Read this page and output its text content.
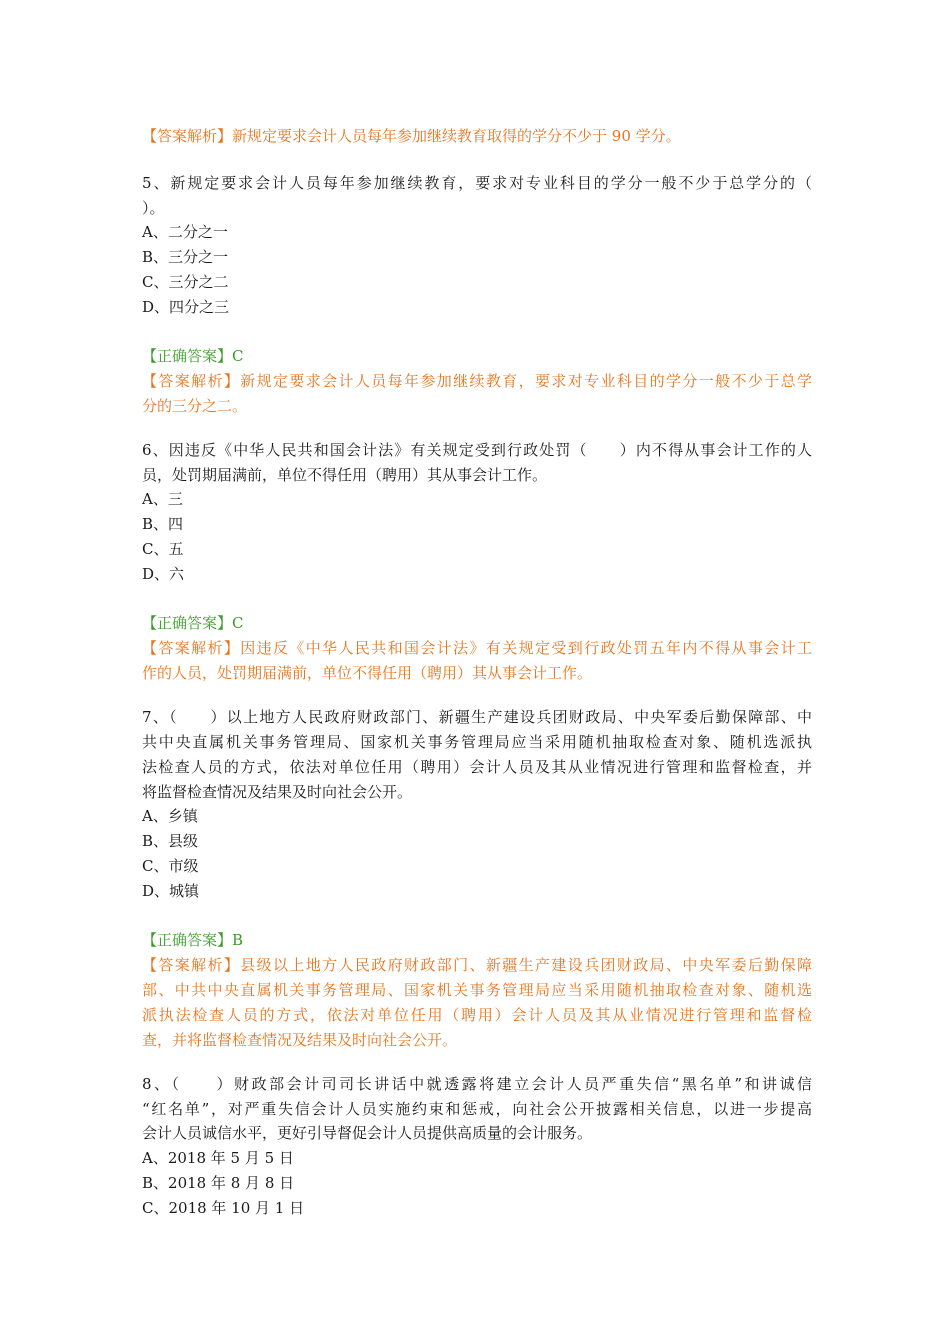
【答案解析】新规定要求会计人员每年参加继续教育取得的学分不少于 90 学分。
5、新规定要求会计人员每年参加继续教育，要求对专业科目的学分一般不少于总学分的（
）。
A、二分之一
B、三分之一
C、三分之二
D、四分之三
【正确答案】C
【答案解析】新规定要求会计人员每年参加继续教育，要求对专业科目的学分一般不少于总学
分的三分之二。
6、因违反《中华人民共和国会计法》有关规定受到行政处罚（　　）内不得从事会计工作的人
员，处罚期届满前，单位不得任用（聘用）其从事会计工作。
A、三
B、四
C、五
D、六
【正确答案】C
【答案解析】因违反《中华人民共和国会计法》有关规定受到行政处罚五年内不得从事会计工
作的人员，处罚期届满前，单位不得任用（聘用）其从事会计工作。
7、（　　）以上地方人民政府财政部门、新疆生产建设兵团财政局、中央军委后勤保障部、中
共中央直属机关事务管理局、国家机关事务管理局应当采用随机抽取检查对象、随机选派执
法检查人员的方式，依法对单位任用（聘用）会计人员及其从业情况进行管理和监督检查，并
将监督检查情况及结果及时向社会公开。
A、乡镇
B、县级
C、市级
D、城镇
【正确答案】B
【答案解析】县级以上地方人民政府财政部门、新疆生产建设兵团财政局、中央军委后勤保障
部、中共中央直属机关事务管理局、国家机关事务管理局应当采用随机抽取检查对象、随机选
派执法检查人员的方式，依法对单位任用（聘用）会计人员及其从业情况进行管理和监督检
查，并将监督检查情况及结果及时向社会公开。
8、（　　）财政部会计司司长讲话中就透露将建立会计人员严重失信“黑名单”和讲诚信
“红名单”，对严重失信会计人员实施约束和惩戒，向社会公开披露相关信息，以进一步提高
会计人员诚信水平，更好引导督促会计人员提供高质量的会计服务。
A、2018 年 5 月 5 日
B、2018 年 8 月 8 日
C、2018 年 10 月 1 日
